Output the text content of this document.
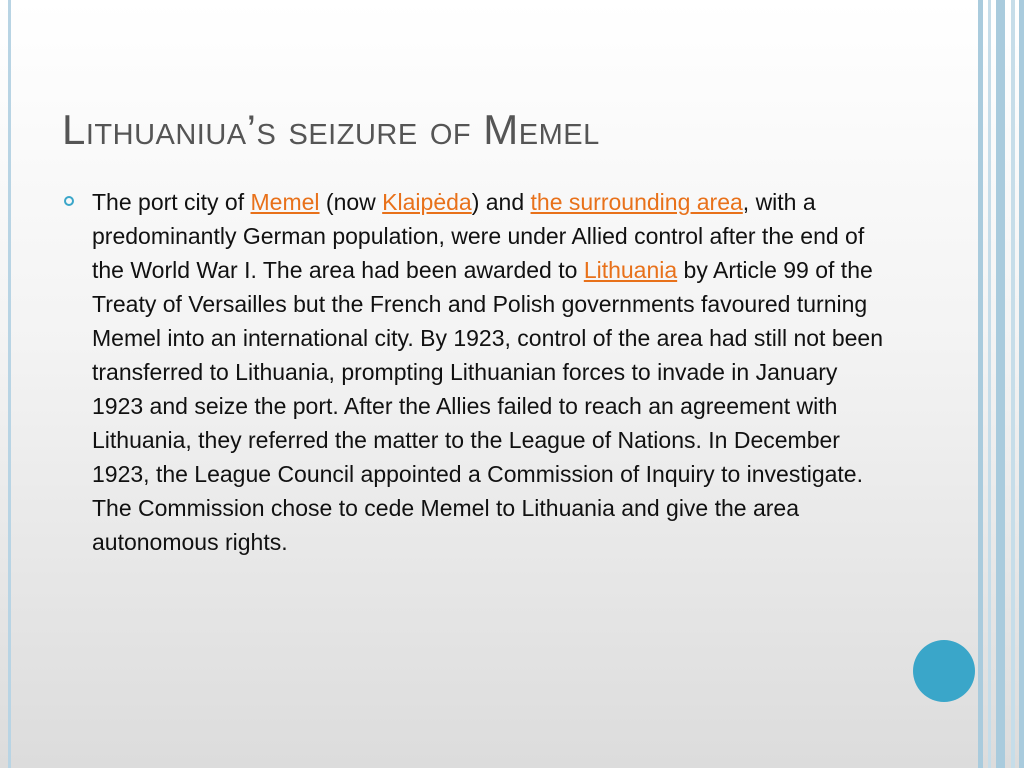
Lithuaniua’s seizure of Memel

The port city of Memel (now Klaipėda) and the surrounding area, with a predominantly German population, were under Allied control after the end of the World War I. The area had been awarded to Lithuania by Article 99 of the Treaty of Versailles but the French and Polish governments favoured turning Memel into an international city. By 1923, control of the area had still not been transferred to Lithuania, prompting Lithuanian forces to invade in January 1923 and seize the port. After the Allies failed to reach an agreement with Lithuania, they referred the matter to the League of Nations. In December 1923, the League Council appointed a Commission of Inquiry to investigate. The Commission chose to cede Memel to Lithuania and give the area autonomous rights.
